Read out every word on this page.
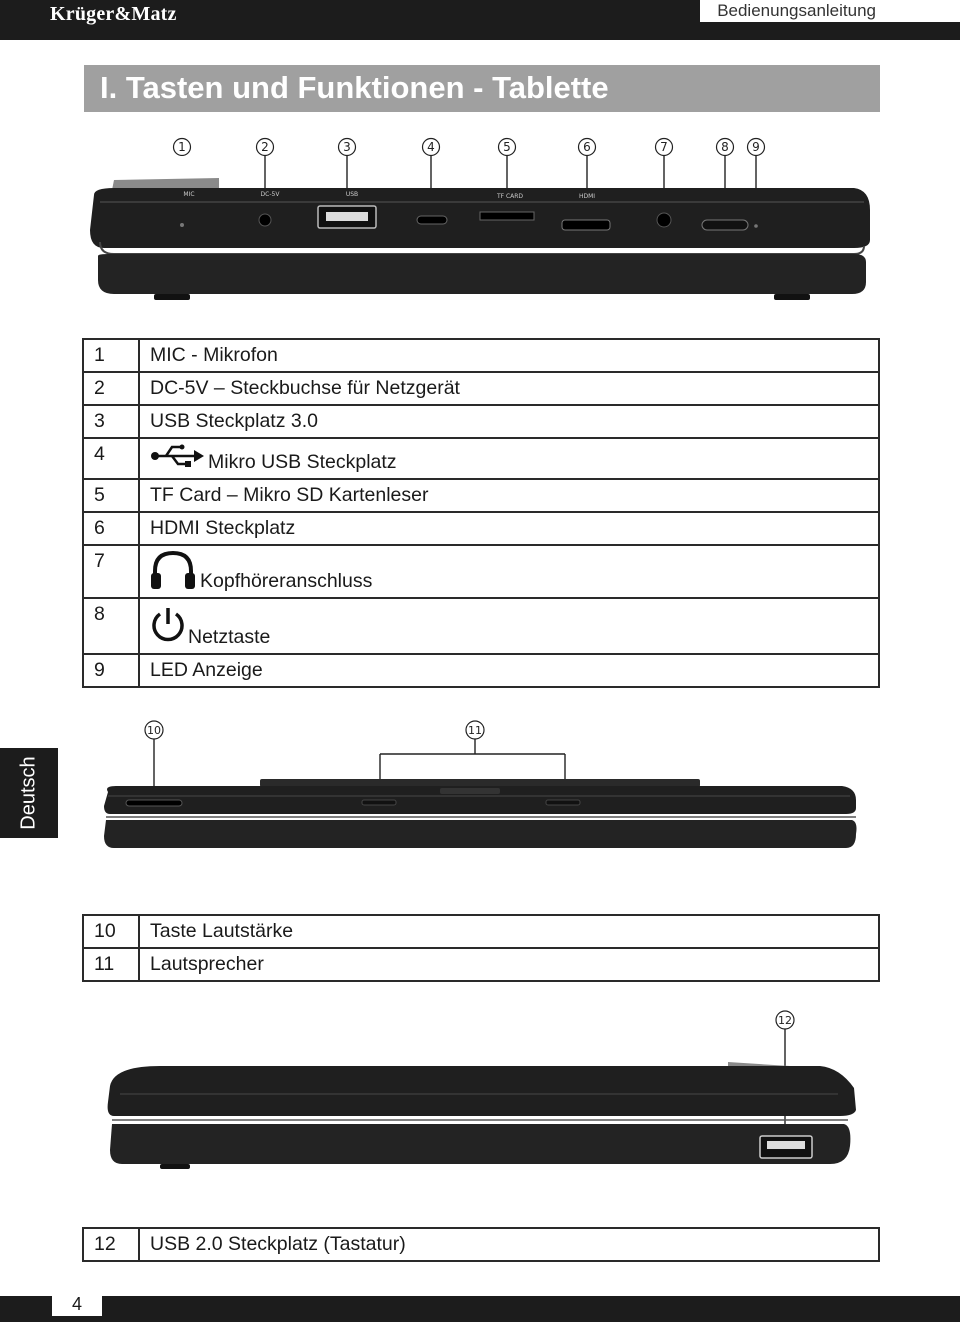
Krüger&Matz	Bedienungsanleitung
I. Tasten und Funktionen - Tablette
1	2	3	4	5	6	7	8 9
MIC	DC-5V	USB	TF CARD	HDMI
1	MIC - Mikrofon
2	DC-5V – Steckbuchse für Netzgerät
3	USB Steckplatz 3.0
4	Mikro USB Steckplatz

5	TF Card – Mikro SD Kartenleser
6	HDMI Steckplatz
7	Kopfhöreranschluss

8	Netztaste

9	LED Anzeige
Deutsch
10	11
10	Taste Lautstärke
11	Lautsprecher
12
12	USB 2.0 Steckplatz (Tastatur)
4
